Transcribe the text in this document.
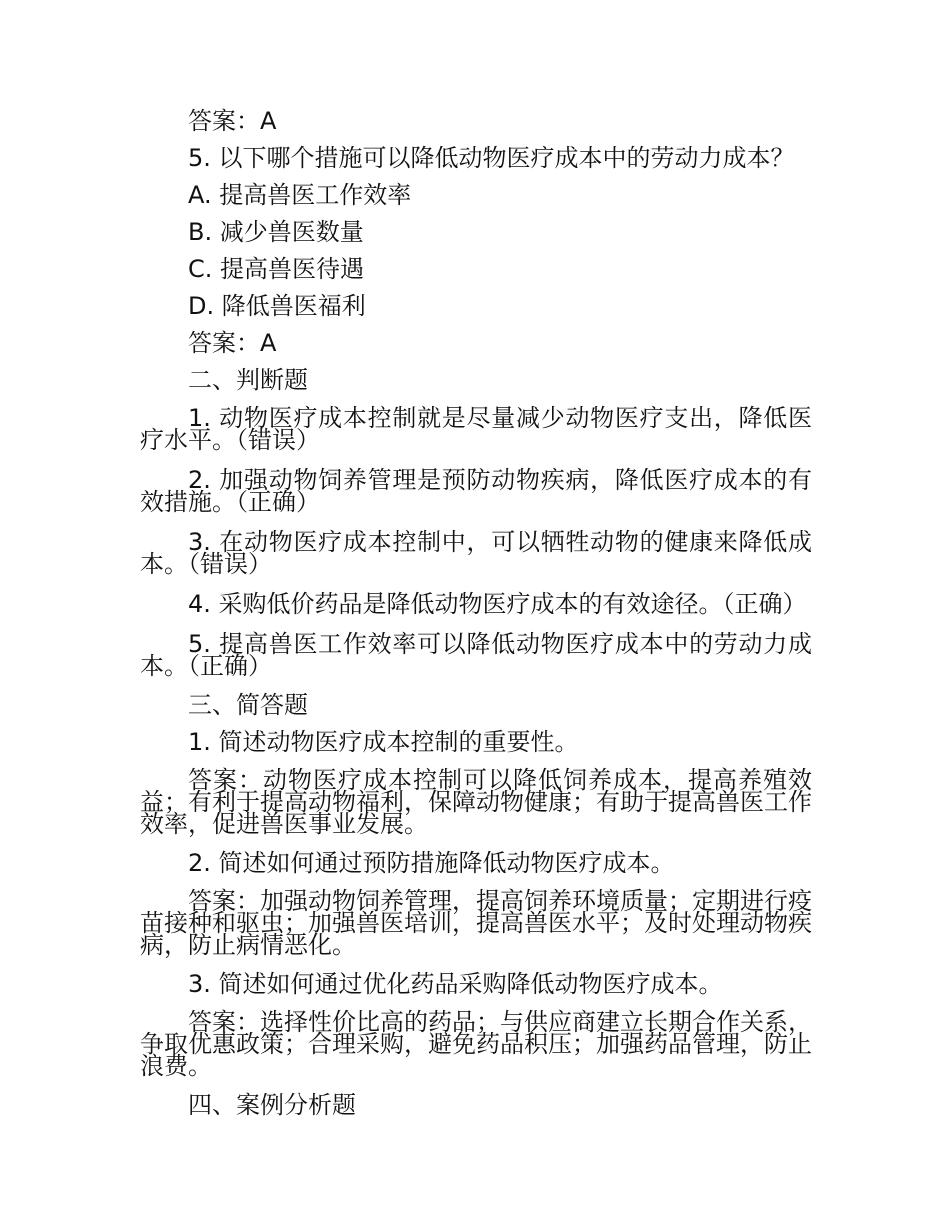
答案：A
5. 以下哪个措施可以降低动物医疗成本中的劳动力成本？
A. 提高兽医工作效率
B. 减少兽医数量
C. 提高兽医待遇
D. 降低兽医福利
答案：A
二、判断题

1. 动物医疗成本控制就是尽量减少动物医疗支出，降低医疗水平。（错误）

2. 加强动物饲养管理是预防动物疾病，降低医疗成本的有效措施。（正确）

3. 在动物医疗成本控制中，可以牺牲动物的健康来降低成本。（错误）

4. 采购低价药品是降低动物医疗成本的有效途径。（正确）

5. 提高兽医工作效率可以降低动物医疗成本中的劳动力成本。（正确）

三、简答题
1. 简述动物医疗成本控制的重要性。

答案：动物医疗成本控制可以降低饲养成本，提高养殖效益；有利于提高动物福利，保障动物健康；有助于提高兽医工作效率，促进兽医事业发展。

2. 简述如何通过预防措施降低动物医疗成本。

答案：加强动物饲养管理，提高饲养环境质量；定期进行疫苗接种和驱虫；加强兽医培训，提高兽医水平；及时处理动物疾病，防止病情恶化。

3. 简述如何通过优化药品采购降低动物医疗成本。

答案：选择性价比高的药品；与供应商建立长期合作关系，争取优惠政策；合理采购，避免药品积压；加强药品管理，防止浪费。

四、案例分析题
